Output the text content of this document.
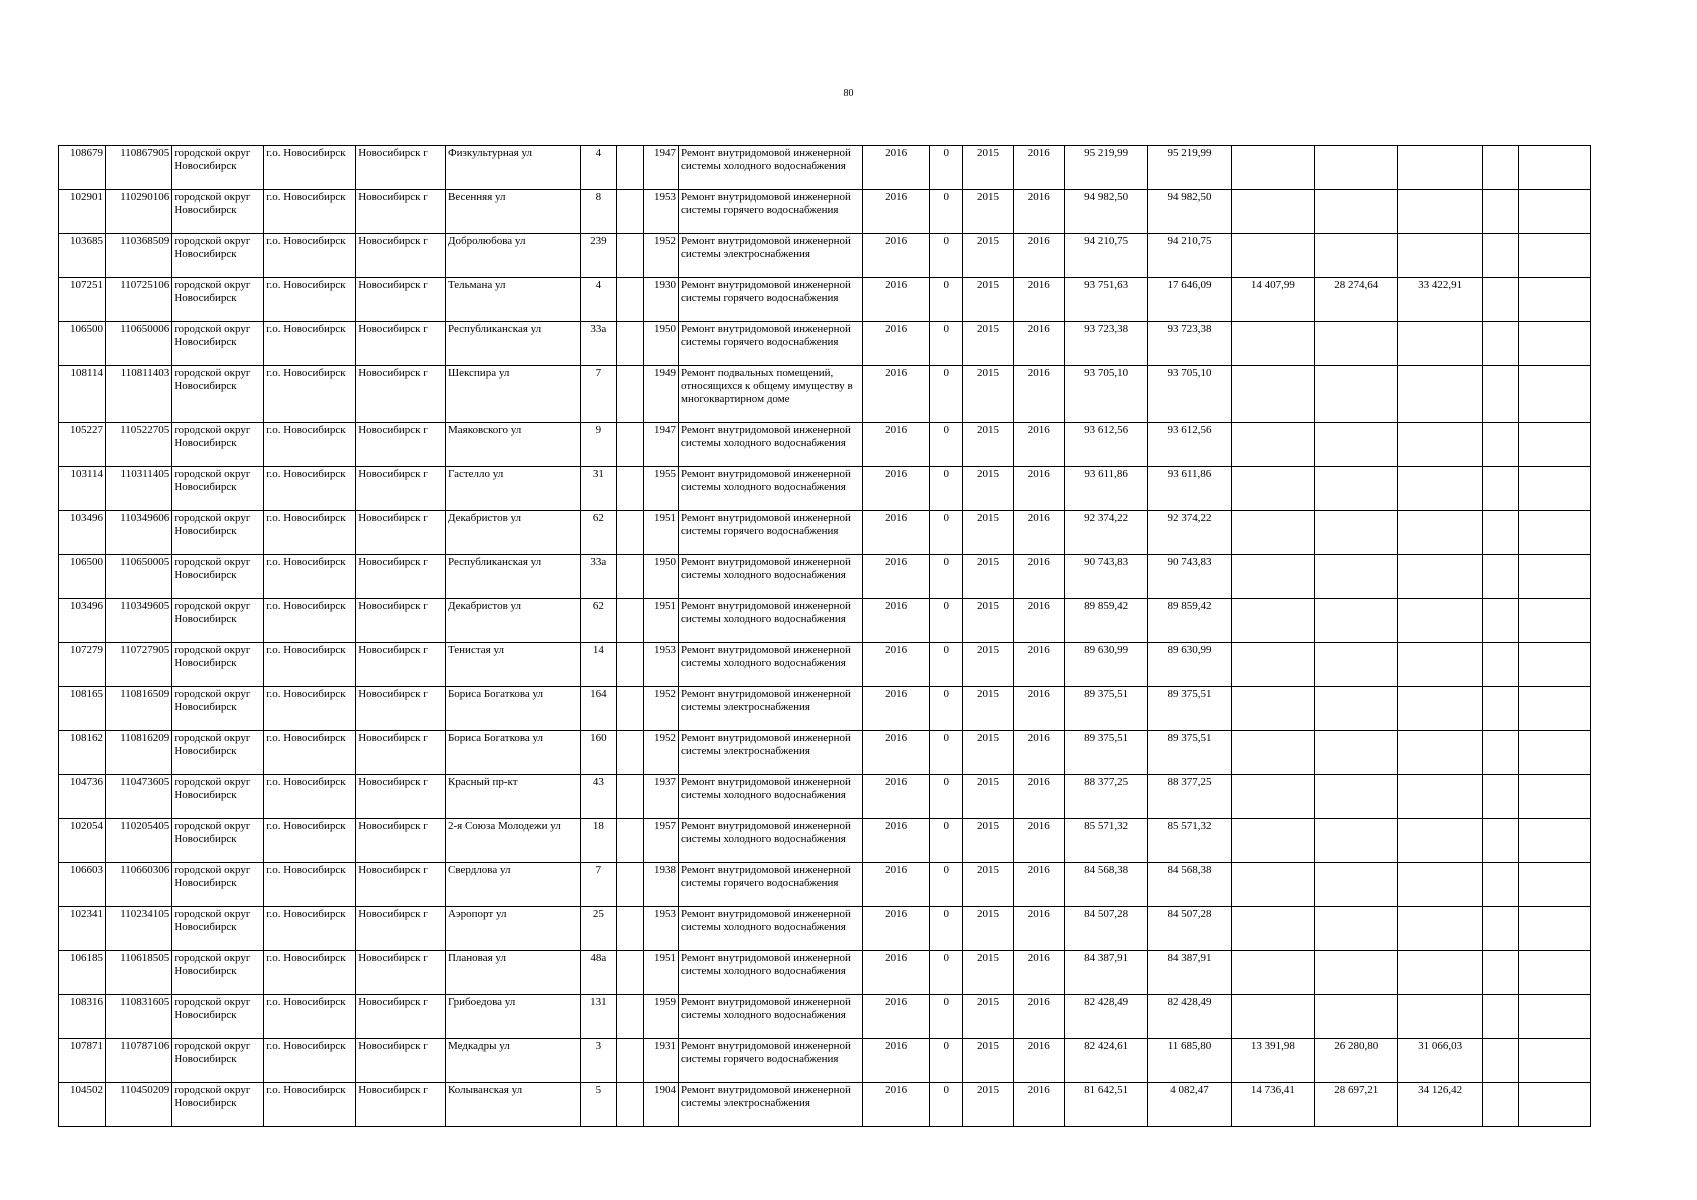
80
108679	110867905	городской округ Новосибирск	г.о. Новосибирск	Новосибирск г	Физкультурная ул	4		1947	Ремонт внутридомовой инженерной системы холодного водоснабжения	2016	0	2015	2016	95 219,99	95 219,99					
102901	110290106	городской округ Новосибирск	г.о. Новосибирск	Новосибирск г	Весенняя ул	8		1953	Ремонт внутридомовой инженерной системы горячего водоснабжения	2016	0	2015	2016	94 982,50	94 982,50					
103685	110368509	городской округ Новосибирск	г.о. Новосибирск	Новосибирск г	Добролюбова ул	239		1952	Ремонт внутридомовой инженерной системы электроснабжения	2016	0	2015	2016	94 210,75	94 210,75					
107251	110725106	городской округ Новосибирск	г.о. Новосибирск	Новосибирск г	Тельмана ул	4		1930	Ремонт внутридомовой инженерной системы горячего водоснабжения	2016	0	2015	2016	93 751,63	17 646,09	14 407,99	28 274,64	33 422,91		
106500	110650006	городской округ Новосибирск	г.о. Новосибирск	Новосибирск г	Республиканская ул	33а		1950	Ремонт внутридомовой инженерной системы горячего водоснабжения	2016	0	2015	2016	93 723,38	93 723,38					
108114	110811403	городской округ Новосибирск	г.о. Новосибирск	Новосибирск г	Шекспира ул	7		1949	Ремонт подвальных помещений, относящихся к общему имуществу в многоквартирном доме	2016	0	2015	2016	93 705,10	93 705,10					
105227	110522705	городской округ Новосибирск	г.о. Новосибирск	Новосибирск г	Маяковского ул	9		1947	Ремонт внутридомовой инженерной системы холодного водоснабжения	2016	0	2015	2016	93 612,56	93 612,56					
103114	110311405	городской округ Новосибирск	г.о. Новосибирск	Новосибирск г	Гастелло ул	31		1955	Ремонт внутридомовой инженерной системы холодного водоснабжения	2016	0	2015	2016	93 611,86	93 611,86					
103496	110349606	городской округ Новосибирск	г.о. Новосибирск	Новосибирск г	Декабристов ул	62		1951	Ремонт внутридомовой инженерной системы горячего водоснабжения	2016	0	2015	2016	92 374,22	92 374,22					
106500	110650005	городской округ Новосибирск	г.о. Новосибирск	Новосибирск г	Республиканская ул	33а		1950	Ремонт внутридомовой инженерной системы холодного водоснабжения	2016	0	2015	2016	90 743,83	90 743,83					
103496	110349605	городской округ Новосибирск	г.о. Новосибирск	Новосибирск г	Декабристов ул	62		1951	Ремонт внутридомовой инженерной системы холодного водоснабжения	2016	0	2015	2016	89 859,42	89 859,42					
107279	110727905	городской округ Новосибирск	г.о. Новосибирск	Новосибирск г	Тенистая ул	14		1953	Ремонт внутридомовой инженерной системы холодного водоснабжения	2016	0	2015	2016	89 630,99	89 630,99					
108165	110816509	городской округ Новосибирск	г.о. Новосибирск	Новосибирск г	Бориса Богаткова ул	164		1952	Ремонт внутридомовой инженерной системы электроснабжения	2016	0	2015	2016	89 375,51	89 375,51					
108162	110816209	городской округ Новосибирск	г.о. Новосибирск	Новосибирск г	Бориса Богаткова ул	160		1952	Ремонт внутридомовой инженерной системы электроснабжения	2016	0	2015	2016	89 375,51	89 375,51					
104736	110473605	городской округ Новосибирск	г.о. Новосибирск	Новосибирск г	Красный пр-кт	43		1937	Ремонт внутридомовой инженерной системы холодного водоснабжения	2016	0	2015	2016	88 377,25	88 377,25					
102054	110205405	городской округ Новосибирск	г.о. Новосибирск	Новосибирск г	2-я Союза Молодежи ул	18		1957	Ремонт внутридомовой инженерной системы холодного водоснабжения	2016	0	2015	2016	85 571,32	85 571,32					
106603	110660306	городской округ Новосибирск	г.о. Новосибирск	Новосибирск г	Свердлова ул	7		1938	Ремонт внутридомовой инженерной системы горячего водоснабжения	2016	0	2015	2016	84 568,38	84 568,38					
102341	110234105	городской округ Новосибирск	г.о. Новосибирск	Новосибирск г	Аэропорт ул	25		1953	Ремонт внутридомовой инженерной системы холодного водоснабжения	2016	0	2015	2016	84 507,28	84 507,28					
106185	110618505	городской округ Новосибирск	г.о. Новосибирск	Новосибирск г	Плановая ул	48а		1951	Ремонт внутридомовой инженерной системы холодного водоснабжения	2016	0	2015	2016	84 387,91	84 387,91					
108316	110831605	городской округ Новосибирск	г.о. Новосибирск	Новосибирск г	Грибоедова ул	131		1959	Ремонт внутридомовой инженерной системы холодного водоснабжения	2016	0	2015	2016	82 428,49	82 428,49					
107871	110787106	городской округ Новосибирск	г.о. Новосибирск	Новосибирск г	Медкадры ул	3		1931	Ремонт внутридомовой инженерной системы горячего водоснабжения	2016	0	2015	2016	82 424,61	11 685,80	13 391,98	26 280,80	31 066,03		
104502	110450209	городской округ Новосибирск	г.о. Новосибирск	Новосибирск г	Колыванская ул	5		1904	Ремонт внутридомовой инженерной системы электроснабжения	2016	0	2015	2016	81 642,51	4 082,47	14 736,41	28 697,21	34 126,42		
